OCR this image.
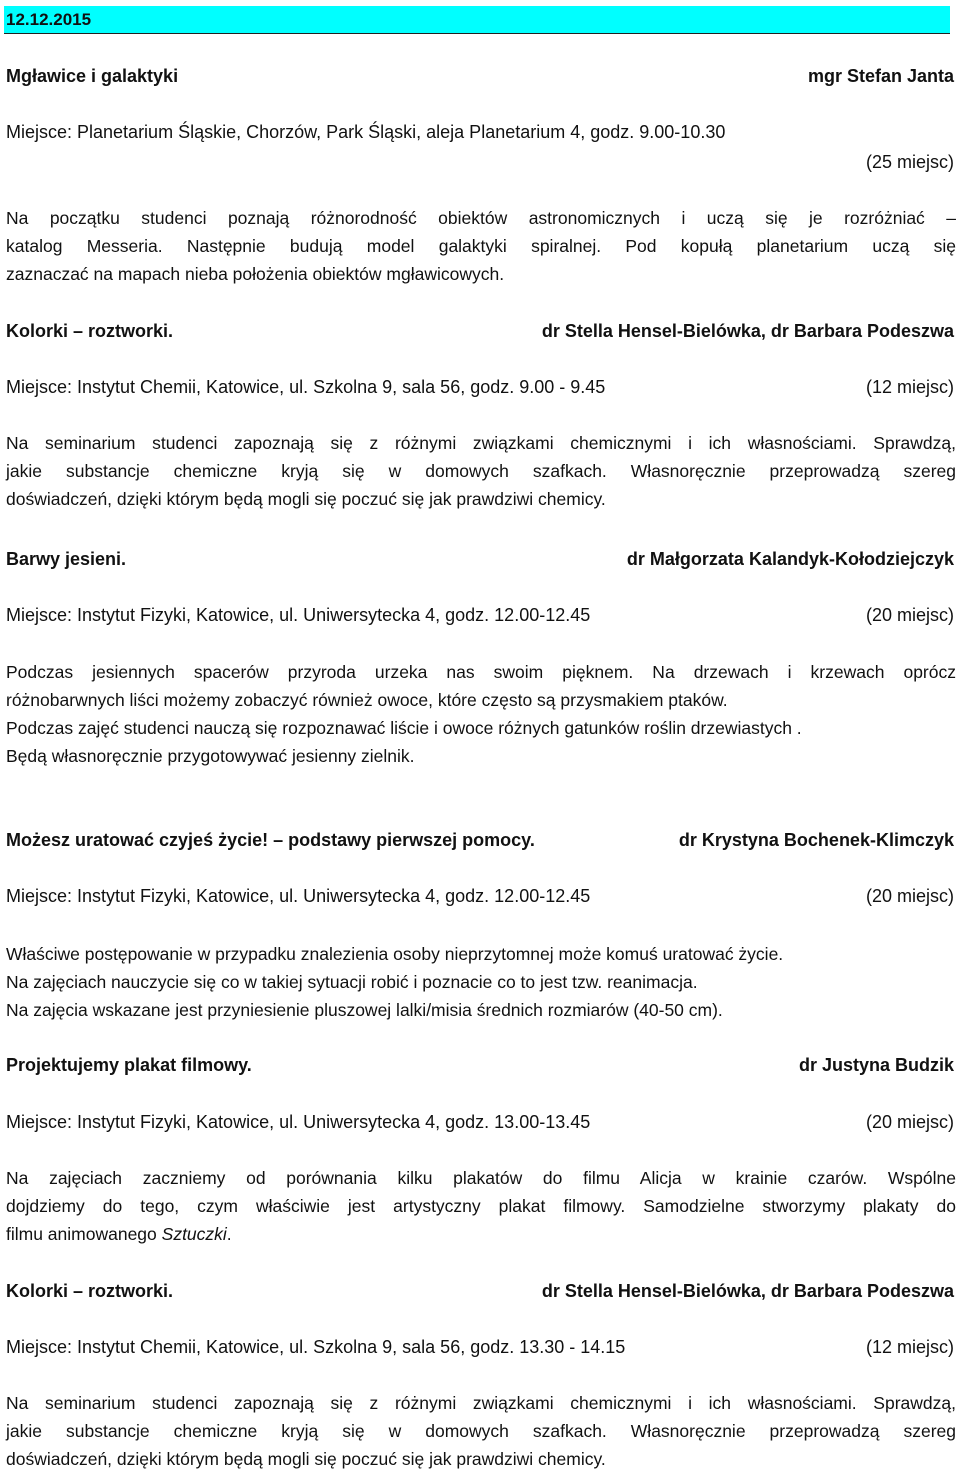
12.12.2015
Mgławice i galaktyki	mgr Stefan Janta
Miejsce: Planetarium Śląskie, Chorzów, Park Śląski, aleja Planetarium 4, godz. 9.00-10.30
(25 miejsc)
Na początku studenci poznają różnorodność obiektów astronomicznych i uczą się je rozróżniać –
katalog Messeria. Następnie budują model galaktyki spiralnej. Pod kopułą planetarium uczą się
zaznaczać na mapach nieba położenia obiektów mgławicowych.
Kolorki – roztworki.	dr Stella Hensel-Bielówka, dr Barbara Podeszwa
Miejsce: Instytut Chemii, Katowice, ul. Szkolna 9, sala 56, godz. 9.00 - 9.45	(12 miejsc)
Na seminarium studenci zapoznają się z różnymi związkami chemicznymi i ich własnościami. Sprawdzą,
jakie substancje chemiczne kryją się w domowych szafkach. Własnoręcznie przeprowadzą szereg
doświadczeń, dzięki którym będą mogli się poczuć się jak prawdziwi chemicy.
Barwy jesieni.	dr Małgorzata Kalandyk-Kołodziejczyk
Miejsce: Instytut Fizyki, Katowice, ul. Uniwersytecka 4, godz. 12.00-12.45	(20 miejsc)
Podczas jesiennych spacerów przyroda urzeka nas swoim pięknem. Na drzewach i krzewach oprócz
różnobarwnych liści możemy zobaczyć również owoce, które często są przysmakiem ptaków.
Podczas zajęć studenci nauczą się rozpoznawać liście i owoce różnych gatunków roślin drzewiastych .
Będą własnoręcznie przygotowywać jesienny zielnik.
Możesz uratować czyjeś życie! – podstawy pierwszej pomocy.	dr Krystyna Bochenek-Klimczyk
Miejsce: Instytut Fizyki, Katowice, ul. Uniwersytecka 4, godz. 12.00-12.45	(20 miejsc)
Właściwe postępowanie w przypadku znalezienia osoby nieprzytomnej może komuś uratować życie.
Na zajęciach nauczycie się co w takiej sytuacji robić i poznacie co to jest tzw. reanimacja.
Na zajęcia wskazane jest przyniesienie pluszowej lalki/misia średnich rozmiarów (40-50 cm).
Projektujemy plakat filmowy.	dr Justyna Budzik
Miejsce: Instytut Fizyki, Katowice, ul. Uniwersytecka 4, godz. 13.00-13.45	(20 miejsc)
Na zajęciach zaczniemy od porównania kilku plakatów do filmu Alicja w krainie czarów. Wspólne
dojdziemy do tego, czym właściwie jest artystyczny plakat filmowy. Samodzielne stworzymy plakaty do
filmu animowanego Sztuczki.
Kolorki – roztworki.	dr Stella Hensel-Bielówka, dr Barbara Podeszwa
Miejsce: Instytut Chemii, Katowice, ul. Szkolna 9, sala 56, godz. 13.30 - 14.15	(12 miejsc)
Na seminarium studenci zapoznają się z różnymi związkami chemicznymi i ich własnościami. Sprawdzą,
jakie substancje chemiczne kryją się w domowych szafkach. Własnoręcznie przeprowadzą szereg
doświadczeń, dzięki którym będą mogli się poczuć się jak prawdziwi chemicy.
